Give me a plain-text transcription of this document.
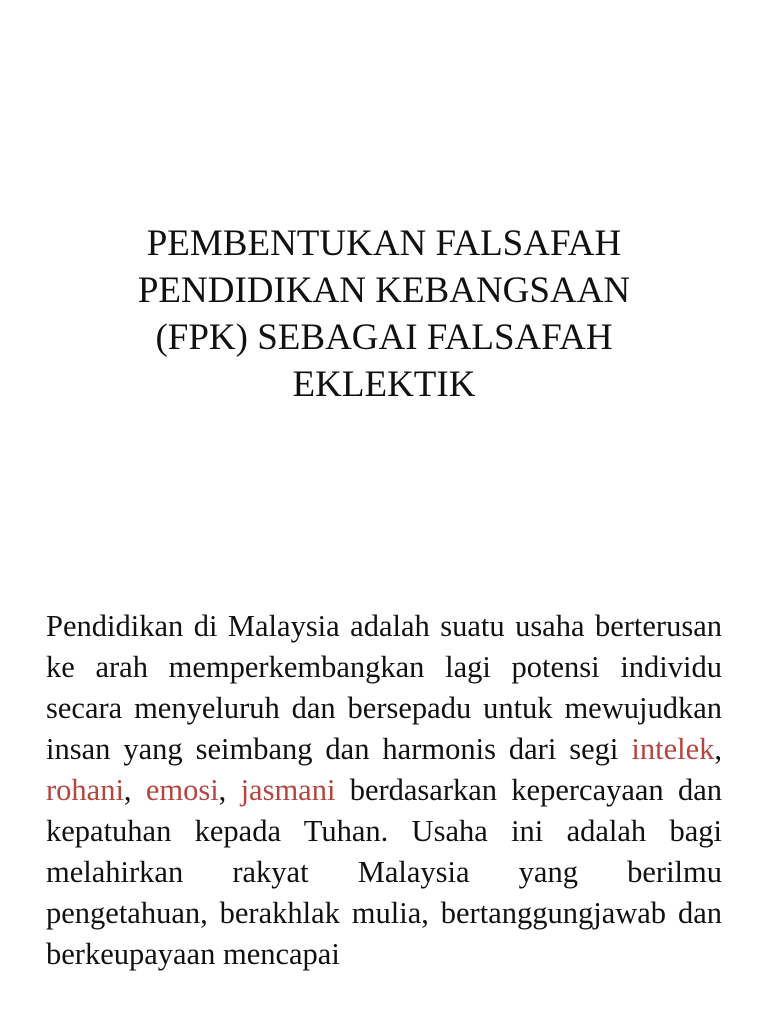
PEMBENTUKAN FALSAFAH
PENDIDIKAN KEBANGSAAN
(FPK) SEBAGAI FALSAFAH
EKLEKTIK

Pendidikan di Malaysia adalah suatu usaha berterusan ke arah memperkembangkan lagi potensi individu secara menyeluruh dan bersepadu untuk mewujudkan insan yang seimbang dan harmonis dari segi intelek, rohani, emosi, jasmani berdasarkan kepercayaan dan kepatuhan kepada Tuhan. Usaha ini adalah bagi melahirkan rakyat Malaysia yang berilmu pengetahuan, berakhlak mulia, bertanggungjawab dan berkeupayaan mencapai
